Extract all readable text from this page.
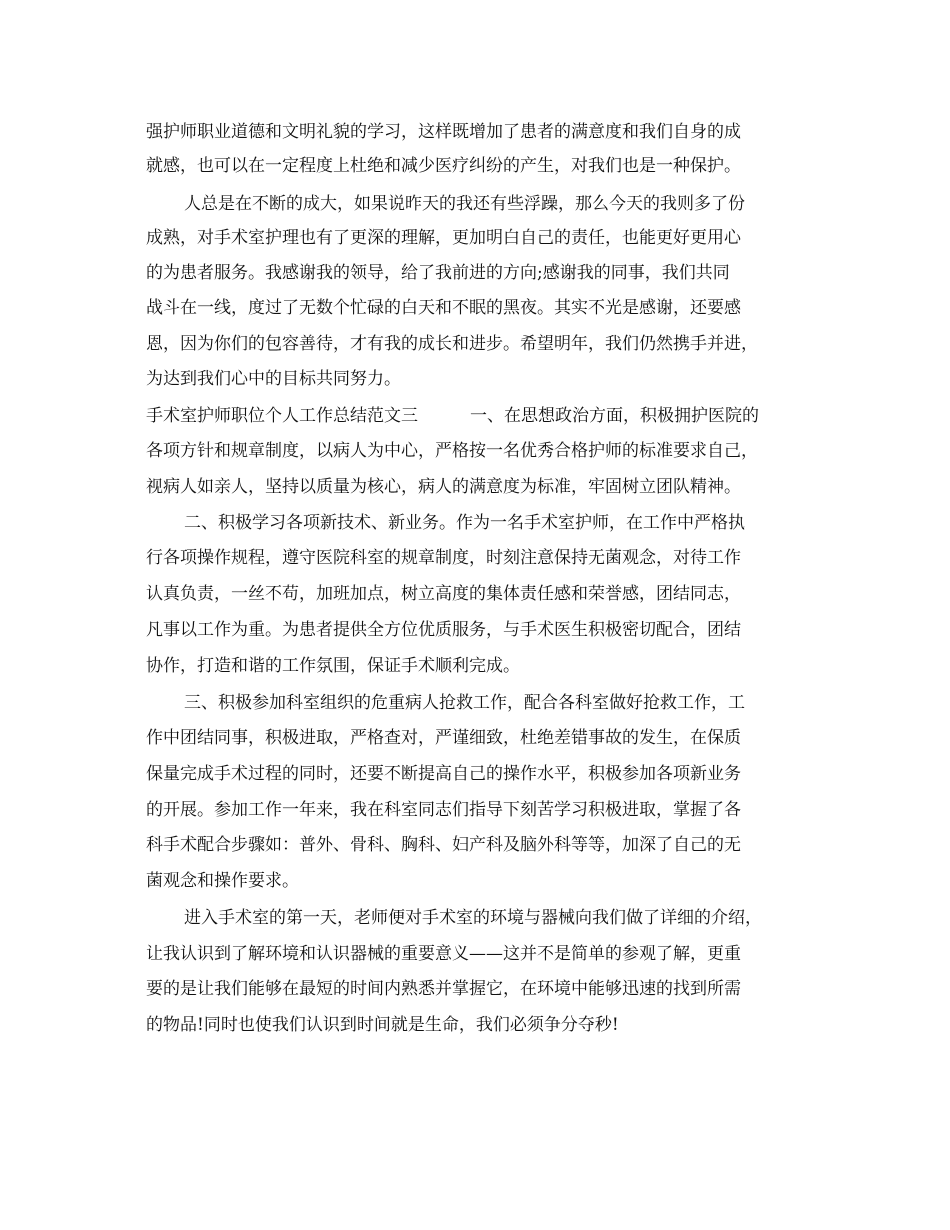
强护师职业道德和文明礼貌的学习，这样既增加了患者的满意度和我们自身的成
就感，也可以在一定程度上杜绝和减少医疗纠纷的产生，对我们也是一种保护。
人总是在不断的成大，如果说昨天的我还有些浮躁，那么今天的我则多了份
成熟，对手术室护理也有了更深的理解，更加明白自己的责任，也能更好更用心
的为患者服务。我感谢我的领导，给了我前进的方向;感谢我的同事，我们共同
战斗在一线，度过了无数个忙碌的白天和不眠的黑夜。其实不光是感谢，还要感
恩，因为你们的包容善待，才有我的成长和进步。希望明年，我们仍然携手并进，
为达到我们心中的目标共同努力。
手术室护师职位个人工作总结范文三	一、在思想政治方面，积极拥护医院的
各项方针和规章制度，以病人为中心，严格按一名优秀合格护师的标准要求自己，
视病人如亲人，坚持以质量为核心，病人的满意度为标准，牢固树立团队精神。
二、积极学习各项新技术、新业务。作为一名手术室护师，在工作中严格执
行各项操作规程，遵守医院科室的规章制度，时刻注意保持无菌观念，对待工作
认真负责，一丝不苟，加班加点，树立高度的集体责任感和荣誉感，团结同志，
凡事以工作为重。为患者提供全方位优质服务，与手术医生积极密切配合，团结
协作，打造和谐的工作氛围，保证手术顺利完成。
三、积极参加科室组织的危重病人抢救工作，配合各科室做好抢救工作，工
作中团结同事，积极进取，严格查对，严谨细致，杜绝差错事故的发生，在保质
保量完成手术过程的同时，还要不断提高自己的操作水平，积极参加各项新业务
的开展。参加工作一年来，我在科室同志们指导下刻苦学习积极进取，掌握了各
科手术配合步骤如：普外、骨科、胸科、妇产科及脑外科等等，加深了自己的无
菌观念和操作要求。
进入手术室的第一天，老师便对手术室的环境与器械向我们做了详细的介绍，
让我认识到了解环境和认识器械的重要意义——这并不是简单的参观了解，更重
要的是让我们能够在最短的时间内熟悉并掌握它，在环境中能够迅速的找到所需
的物品!同时也使我们认识到时间就是生命，我们必须争分夺秒!
